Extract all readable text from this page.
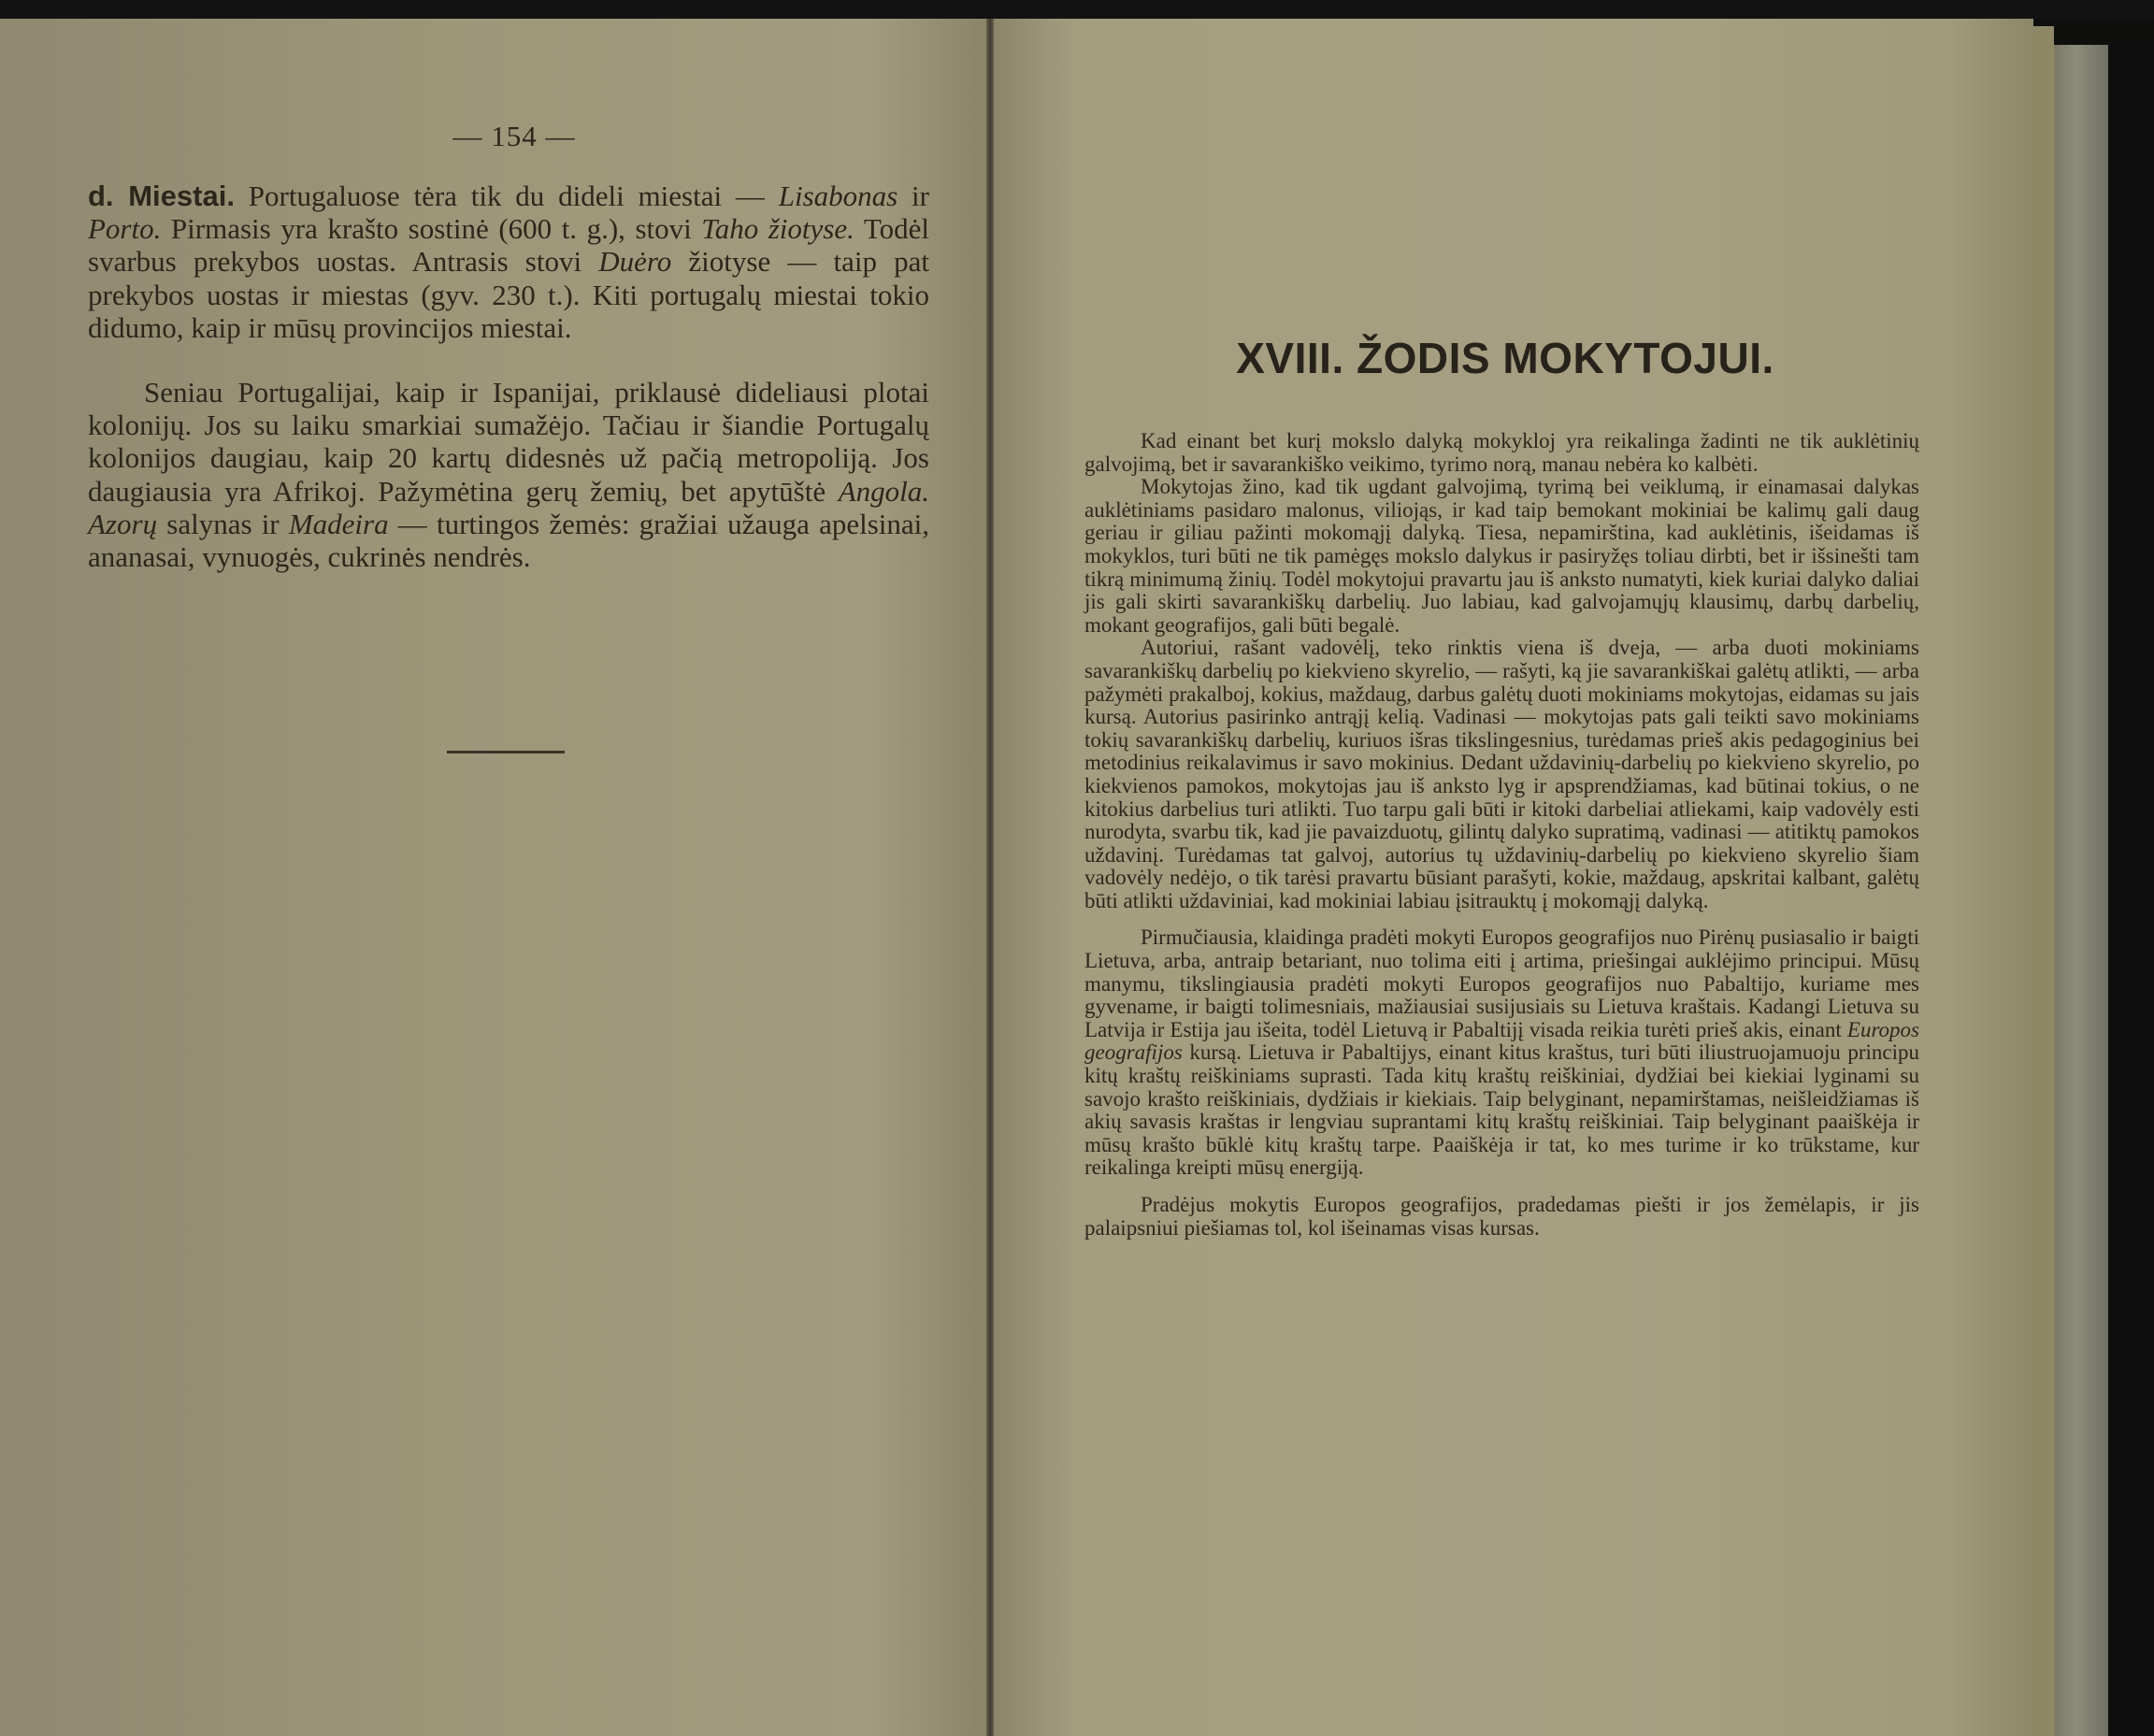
— 154 —

d. Miestai. Portugaluose tėra tik du dideli miestai — Lisabonas ir Porto. Pirmasis yra krašto sostinė (600 t. g.), stovi Taho žiotyse. Todėl svarbus prekybos uostas. Antrasis stovi Duėro žiotyse — taip pat prekybos uostas ir miestas (gyv. 230 t.). Kiti portugalų miestai tokio didumo, kaip ir mūsų provincijos miestai.

Seniau Portugalijai, kaip ir Ispanijai, priklausė dideliausi plotai kolonijų. Jos su laiku smarkiai sumažėjo. Tačiau ir šiandie Portugalų kolonijos daugiau, kaip 20 kartų didesnės už pačią metropoliją. Jos daugiausia yra Afrikoj. Pažymėtina gerų žemių, bet apytūštė Angola. Azorų salynas ir Madeira — turtingos žemės: gražiai užauga apelsinai, ananasai, vynuogės, cukrinės nendrės.

XVIII. ŽODIS MOKYTOJUI.

Kad einant bet kurį mokslo dalyką mokykloj yra reikalinga žadinti ne tik auklėtinių galvojimą, bet ir savarankiško veikimo, tyrimo norą, manau nebėra ko kalbėti.

Mokytojas žino, kad tik ugdant galvojimą, tyrimą bei veiklumą, ir einamasai dalykas auklėtiniams pasidaro malonus, viliojąs, ir kad taip bemokant mokiniai be kalimų gali daug geriau ir giliau pažinti mokomąjį dalyką. Tiesa, nepamirština, kad auklėtinis, išeidamas iš mokyklos, turi būti ne tik pamėgęs mokslo dalykus ir pasiryžęs toliau dirbti, bet ir išsinešti tam tikrą minimumą žinių. Todėl mokytojui pravartu jau iš anksto numatyti, kiek kuriai dalyko daliai jis gali skirti savarankiškų darbelių. Juo labiau, kad galvojamųjų klausimų, darbų darbelių, mokant geografijos, gali būti begalė.

Autoriui, rašant vadovėlį, teko rinktis viena iš dveja, — arba duoti mokiniams savarankiškų darbelių po kiekvieno skyrelio, — rašyti, ką jie savarankiškai galėtų atlikti, — arba pažymėti prakalboj, kokius, maždaug, darbus galėtų duoti mokiniams mokytojas, eidamas su jais kursą. Autorius pasirinko antrąjį kelią. Vadinasi — mokytojas pats gali teikti savo mokiniams tokių savarankiškų darbelių, kuriuos išras tikslingesnius, turėdamas prieš akis pedagoginius bei metodinius reikalavimus ir savo mokinius. Dedant uždavinių-darbelių po kiekvieno skyrelio, po kiekvienos pamokos, mokytojas jau iš anksto lyg ir apsprendžiamas, kad būtinai tokius, o ne kitokius darbelius turi atlikti. Tuo tarpu gali būti ir kitoki darbeliai atliekami, kaip vadovėly esti nurodyta, svarbu tik, kad jie pavaizduotų, gilintų dalyko supratimą, vadinasi — atitiktų pamokos uždavinį. Turėdamas tat galvoj, autorius tų uždavinių-darbelių po kiekvieno skyrelio šiam vadovėly nedėjo, o tik tarėsi pravartu būsiant parašyti, kokie, maždaug, apskritai kalbant, galėtų būti atlikti uždaviniai, kad mokiniai labiau įsitrauktų į mokomąjį dalyką.

Pirmučiausia, klaidinga pradėti mokyti Europos geografijos nuo Pirėnų pusiasalio ir baigti Lietuva, arba, antraip betariant, nuo tolima eiti į artima, priešingai auklėjimo principui. Mūsų manymu, tikslingiausia pradėti mokyti Europos geografijos nuo Pabaltijo, kuriame mes gyvename, ir baigti tolimesniais, mažiausiai susijusiais su Lietuva kraštais. Kadangi Lietuva su Latvija ir Estija jau išeita, todėl Lietuvą ir Pabaltijį visada reikia turėti prieš akis, einant Europos geografijos kursą. Lietuva ir Pabaltijys, einant kitus kraštus, turi būti iliustruojamuoju principu kitų kraštų reiškiniams suprasti. Tada kitų kraštų reiškiniai, dydžiai bei kiekiai lyginami su savojo krašto reiškiniais, dydžiais ir kiekiais. Taip belyginant, nepamirštamas, neišleidžiamas iš akių savasis kraštas ir lengviau suprantami kitų kraštų reiškiniai. Taip belyginant paaiškėja ir mūsų krašto būklė kitų kraštų tarpe. Paaiškėja ir tat, ko mes turime ir ko trūkstame, kur reikalinga kreipti mūsų energiją.

Pradėjus mokytis Europos geografijos, pradedamas piešti ir jos žemėlapis, ir jis palaipsniui piešiamas tol, kol išeinamas visas kursas.
